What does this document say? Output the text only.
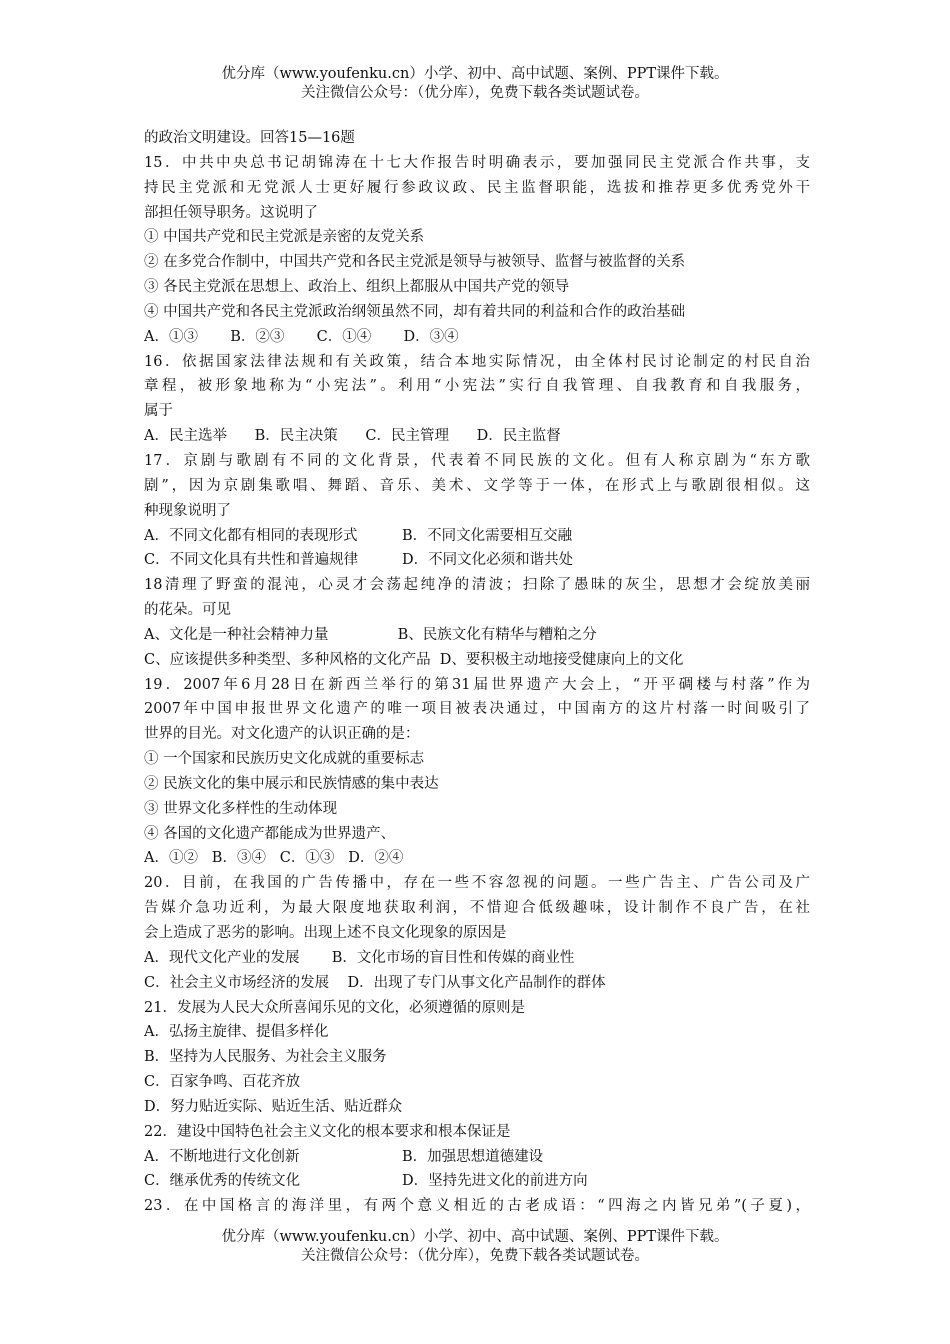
优分库（www.youfenku.cn）小学、初中、高中试题、案例、PPT课件下载。
关注微信公众号：（优分库），免费下载各类试题试卷。
的政治文明建设。回答15—16题
15．中共中央总书记胡锦涛在十七大作报告时明确表示，要加强同民主党派合作共事，支
持民主党派和无党派人士更好履行参政议政、民主监督职能，选拔和推荐更多优秀党外干
部担任领导职务。这说明了
① 中国共产党和民主党派是亲密的友党关系
② 在多党合作制中，中国共产党和各民主党派是领导与被领导、监督与被监督的关系
③ 各民主党派在思想上、政治上、组织上都服从中国共产党的领导
④ 中国共产党和各民主党派政治纲领虽然不同，却有着共同的利益和合作的政治基础
A．①③       B．②③       C．①④       D．③④
16．依据国家法律法规和有关政策，结合本地实际情况，由全体村民讨论制定的村民自治
章程，被形象地称为“小宪法”。利用“小宪法”实行自我管理、自我教育和自我服务，
属于
A．民主选举      B．民主决策      C．民主管理      D．民主监督
17．京剧与歌剧有不同的文化背景，代表着不同民族的文化。但有人称京剧为“东方歌
剧”，因为京剧集歌唱、舞蹈、音乐、美术、文学等于一体，在形式上与歌剧很相似。这
种现象说明了
A．不同文化都有相同的表现形式	B．不同文化需要相互交融
C．不同文化具有共性和普遍规律	D．不同文化必须和谐共处
18清理了野蛮的混沌，心灵才会荡起纯净的清波；扫除了愚昧的灰尘，思想才会绽放美丽
的花朵。可见
A、文化是一种社会精神力量               B、民族文化有精华与糟粕之分
C、应该提供多种类型、多种风格的文化产品  D、要积极主动地接受健康向上的文化
19．2007年6月28日在新西兰举行的第31届世界遗产大会上，“开平碉楼与村落”作为
2007年中国申报世界文化遗产的唯一项目被表决通过，中国南方的这片村落一时间吸引了
世界的目光。对文化遗产的认识正确的是：
① 一个国家和民族历史文化成就的重要标志
② 民族文化的集中展示和民族情感的集中表达
③ 世界文化多样性的生动体现
④ 各国的文化遗产都能成为世界遗产、
A．①②   B．③④   C．①③   D．②④
20．目前，在我国的广告传播中，存在一些不容忽视的问题。一些广告主、广告公司及广
告媒介急功近利，为最大限度地获取利润，不惜迎合低级趣味，设计制作不良广告，在社
会上造成了恶劣的影响。出现上述不良文化现象的原因是
A．现代文化产业的发展       B．文化市场的盲目性和传媒的商业性
C．社会主义市场经济的发展    D．出现了专门从事文化产品制作的群体
21．发展为人民大众所喜闻乐见的文化，必须遵循的原则是
A．弘扬主旋律、提倡多样化
B．坚持为人民服务、为社会主义服务
C．百家争鸣、百花齐放
D．努力贴近实际、贴近生活、贴近群众
22．建设中国特色社会主义文化的根本要求和根本保证是
A．不断地进行文化创新	B．加强思想道德建设
C．继承优秀的传统文化	D．坚持先进文化的前进方向
23．在中国格言的海洋里，有两个意义相近的古老成语：“四海之内皆兄弟”(子夏)，
优分库（www.youfenku.cn）小学、初中、高中试题、案例、PPT课件下载。
关注微信公众号：（优分库），免费下载各类试题试卷。
